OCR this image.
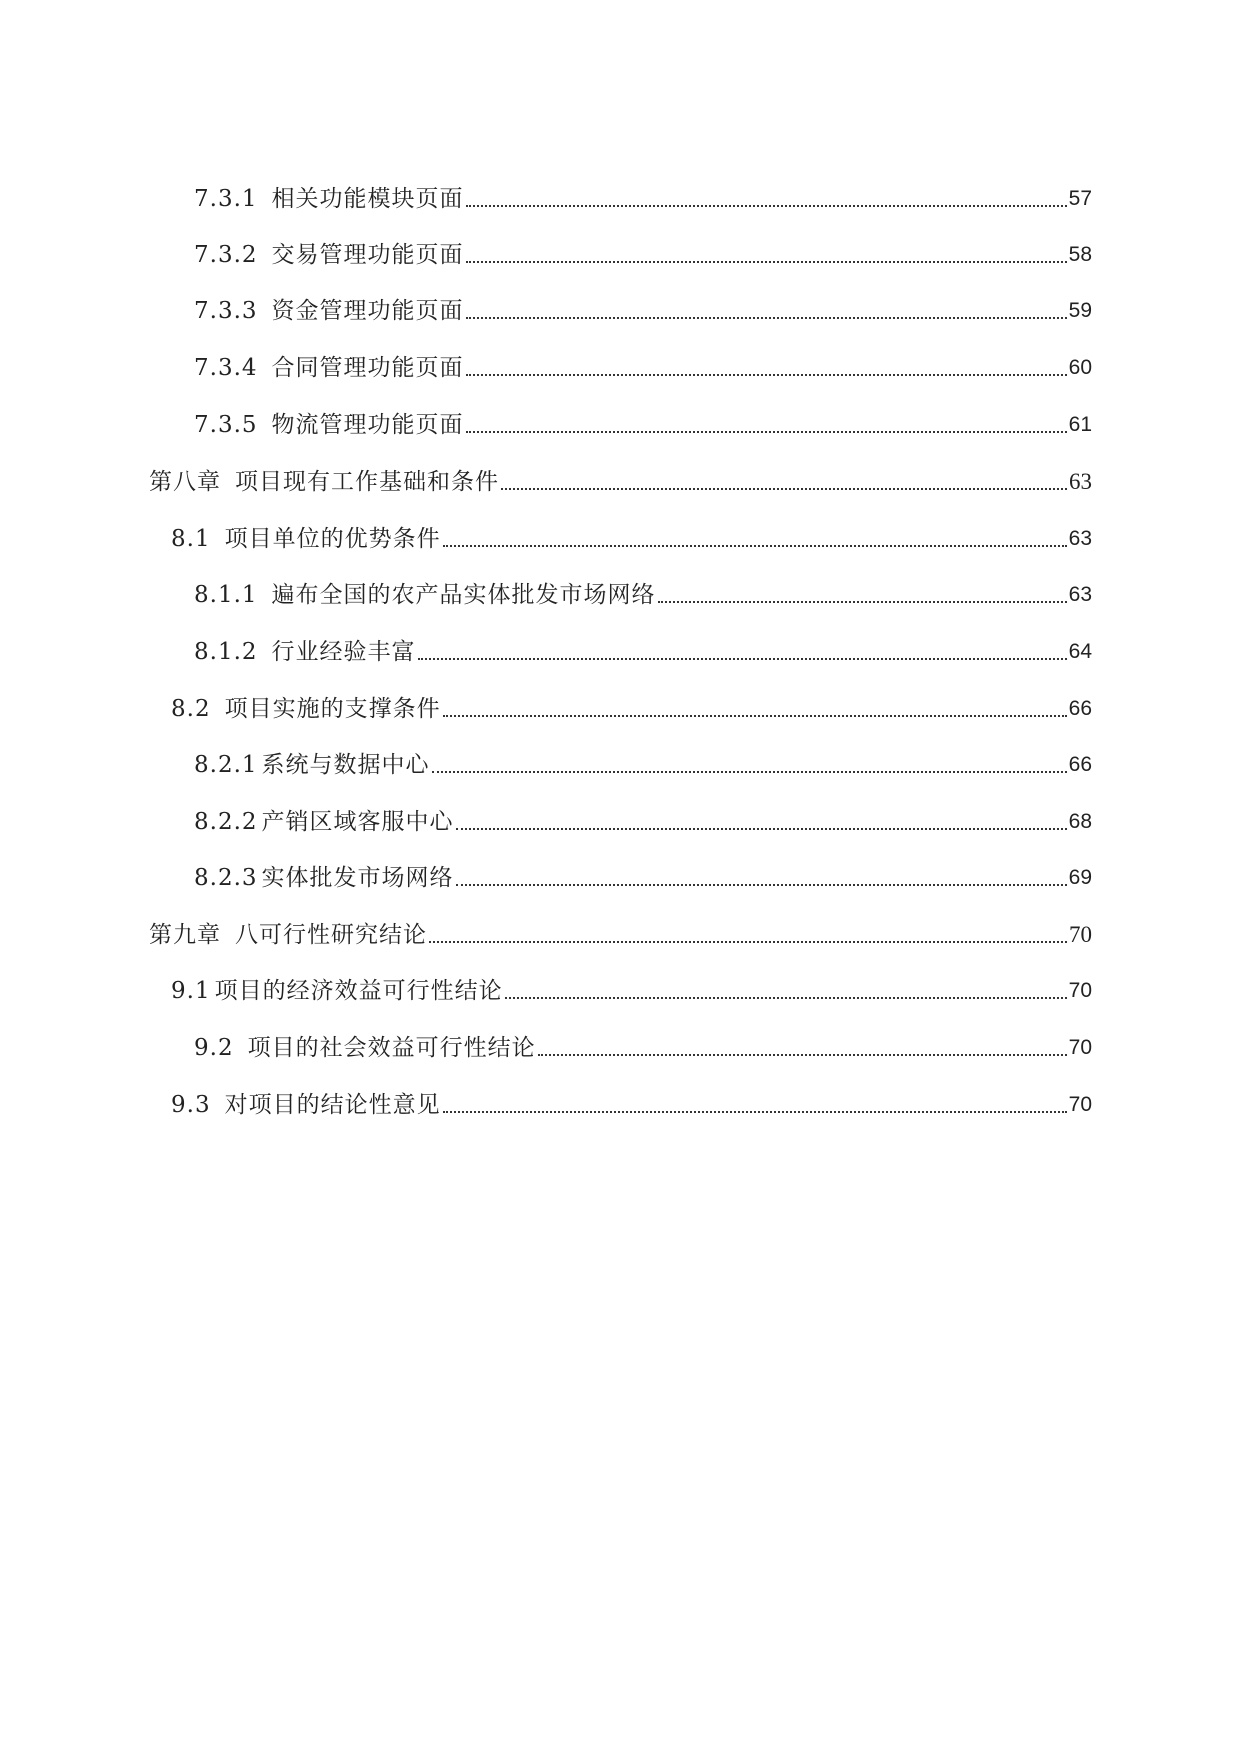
7.3.1 相关功能模块页面	57
7.3.2 交易管理功能页面	58
7.3.3 资金管理功能页面	59
7.3.4 合同管理功能页面	60
7.3.5 物流管理功能页面	61
第八章 项目现有工作基础和条件	63
8.1 项目单位的优势条件	63
8.1.1 遍布全国的农产品实体批发市场网络	63
8.1.2 行业经验丰富	64
8.2 项目实施的支撑条件	66
8.2.1 系统与数据中心	66
8.2.2 产销区域客服中心	68
8.2.3 实体批发市场网络	69
第九章 八可行性研究结论	70
9.1 项目的经济效益可行性结论	70
9.2 项目的社会效益可行性结论	70
9.3 对项目的结论性意见	70
